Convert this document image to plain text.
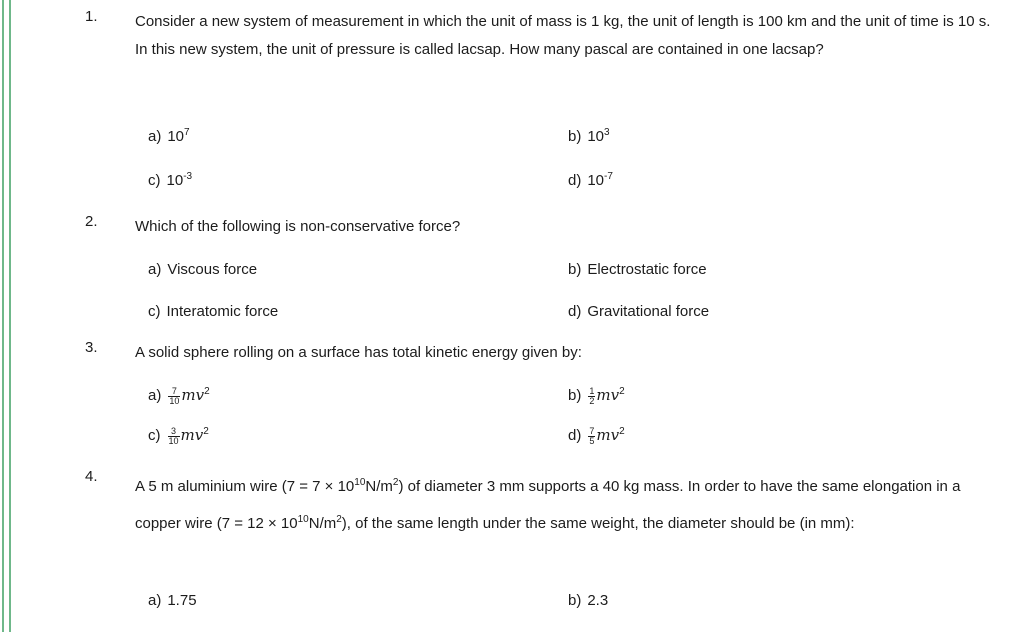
1.	Consider a new system of measurement in which the unit of mass is 1 kg, the unit of length is 100 km and the unit of time is 10 s. In this new system, the unit of pressure is called lacsap. How many pascal are contained in one lacsap?
a) $10^7$	b) $10^3$
c) $10^{-3}$	d) $10^{-7}$
2.	Which of the following is non-conservative force?
a) Viscous force	b) Electrostatic force
c) Interatomic force	d) Gravitational force
3.	A solid sphere rolling on a surface has total kinetic energy given by:
$a) \frac{7}{10} mv^2$	$b) \frac{1}{2} mv^2$
$c) \frac{3}{10} mv^2$	$d) \frac{7}{5} mv^2$
4.
A 5 m aluminium wire $(7 = 7 \times 10^{10}N/m^2)$ of diameter 3 mm supports a 40 kg mass. In order to have the same elongation in a copper wire $(7 = 12 \times 10^{10}N/m^2)$, of the same length under the same weight, the diameter should be (in mm):
a) 1.75	b) 2.3
